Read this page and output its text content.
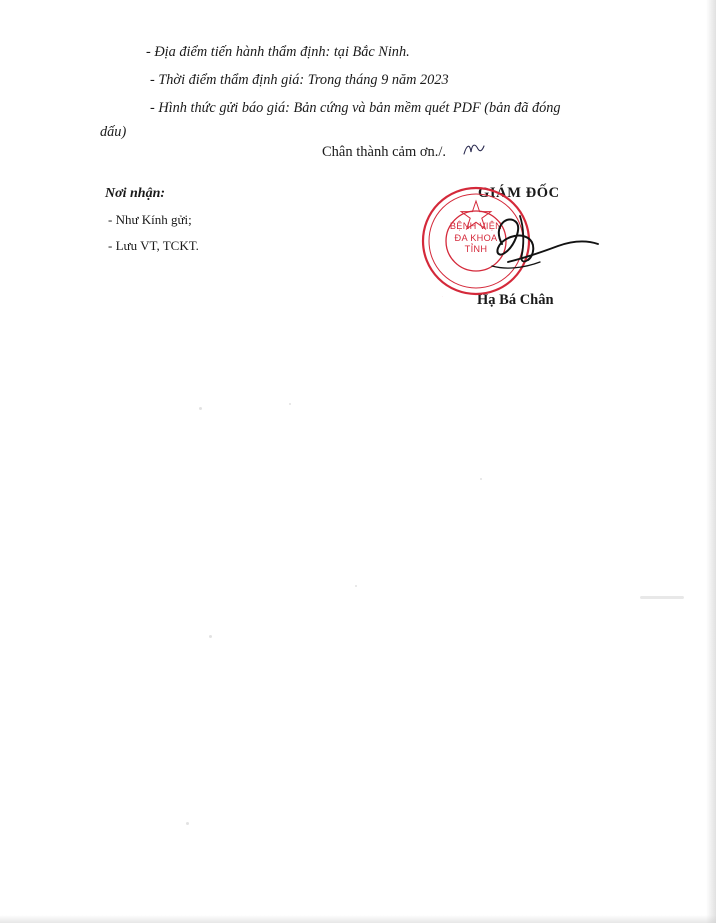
- Địa điểm tiến hành thẩm định: tại Bắc Ninh.
- Thời điểm thẩm định giá: Trong tháng 9 năm 2023
- Hình thức gửi báo giá: Bản cứng và bản mềm quét PDF (bản đã đóng
dấu)
Chân thành cảm ơn./.
Nơi nhận:
- Như Kính gửi;
- Lưu VT, TCKT.
GIÁM ĐỐC
Hạ Bá Chân
BỆNH VIỆN
ĐA KHOA
TỈNH
